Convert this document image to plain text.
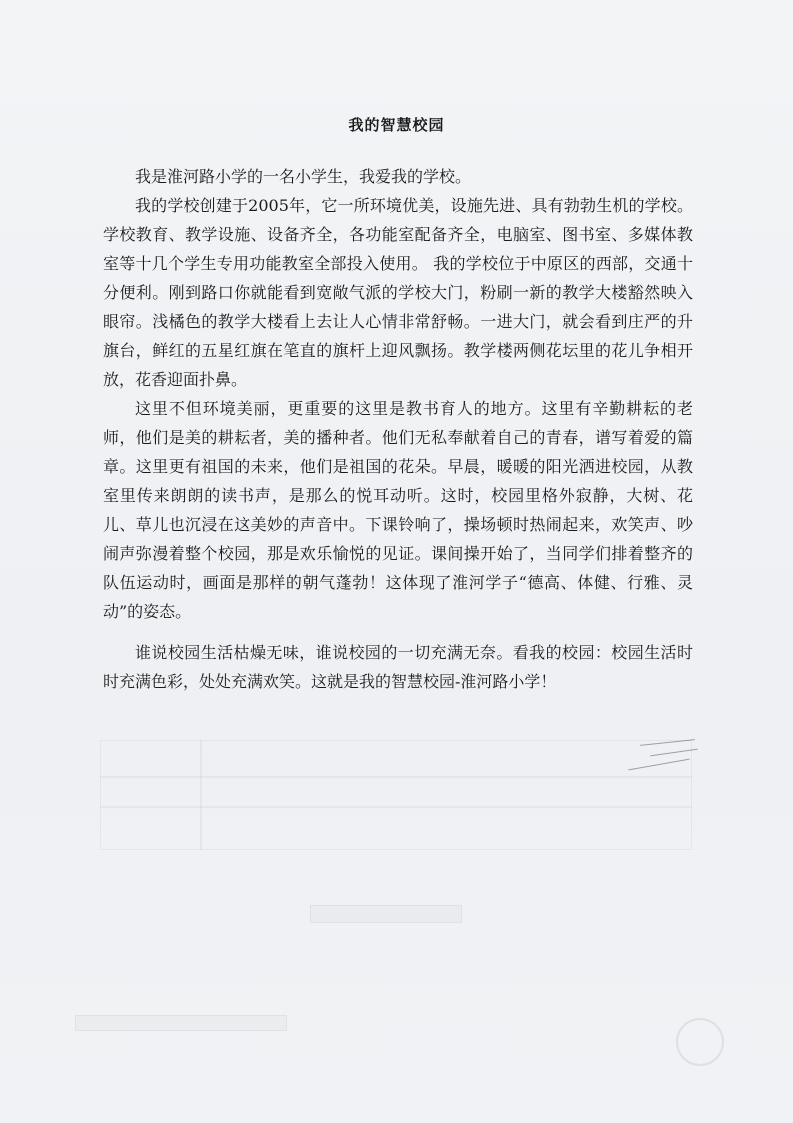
我的智慧校园

我是淮河路小学的一名小学生，我爱我的学校。

我的学校创建于2005年，它一所环境优美，设施先进、具有勃勃生机的学校。学校教育、教学设施、设备齐全，各功能室配备齐全，电脑室、图书室、多媒体教室等十几个学生专用功能教室全部投入使用。 我的学校位于中原区的西部，交通十分便利。刚到路口你就能看到宽敞气派的学校大门，粉刷一新的教学大楼豁然映入眼帘。浅橘色的教学大楼看上去让人心情非常舒畅。一进大门，就会看到庄严的升旗台，鲜红的五星红旗在笔直的旗杆上迎风飘扬。教学楼两侧花坛里的花儿争相开放，花香迎面扑鼻。

这里不但环境美丽，更重要的这里是教书育人的地方。这里有辛勤耕耘的老师，他们是美的耕耘者，美的播种者。他们无私奉献着自己的青春，谱写着爱的篇章。这里更有祖国的未来，他们是祖国的花朵。早晨，暖暖的阳光洒进校园，从教室里传来朗朗的读书声，是那么的悦耳动听。这时，校园里格外寂静，大树、花儿、草儿也沉浸在这美妙的声音中。下课铃响了，操场顿时热闹起来，欢笑声、吵闹声弥漫着整个校园，那是欢乐愉悦的见证。课间操开始了，当同学们排着整齐的队伍运动时，画面是那样的朝气蓬勃！这体现了淮河学子“德高、体健、行雅、灵动”的姿态。

谁说校园生活枯燥无味，谁说校园的一切充满无奈。看我的校园：校园生活时时充满色彩，处处充满欢笑。这就是我的智慧校园-淮河路小学！
